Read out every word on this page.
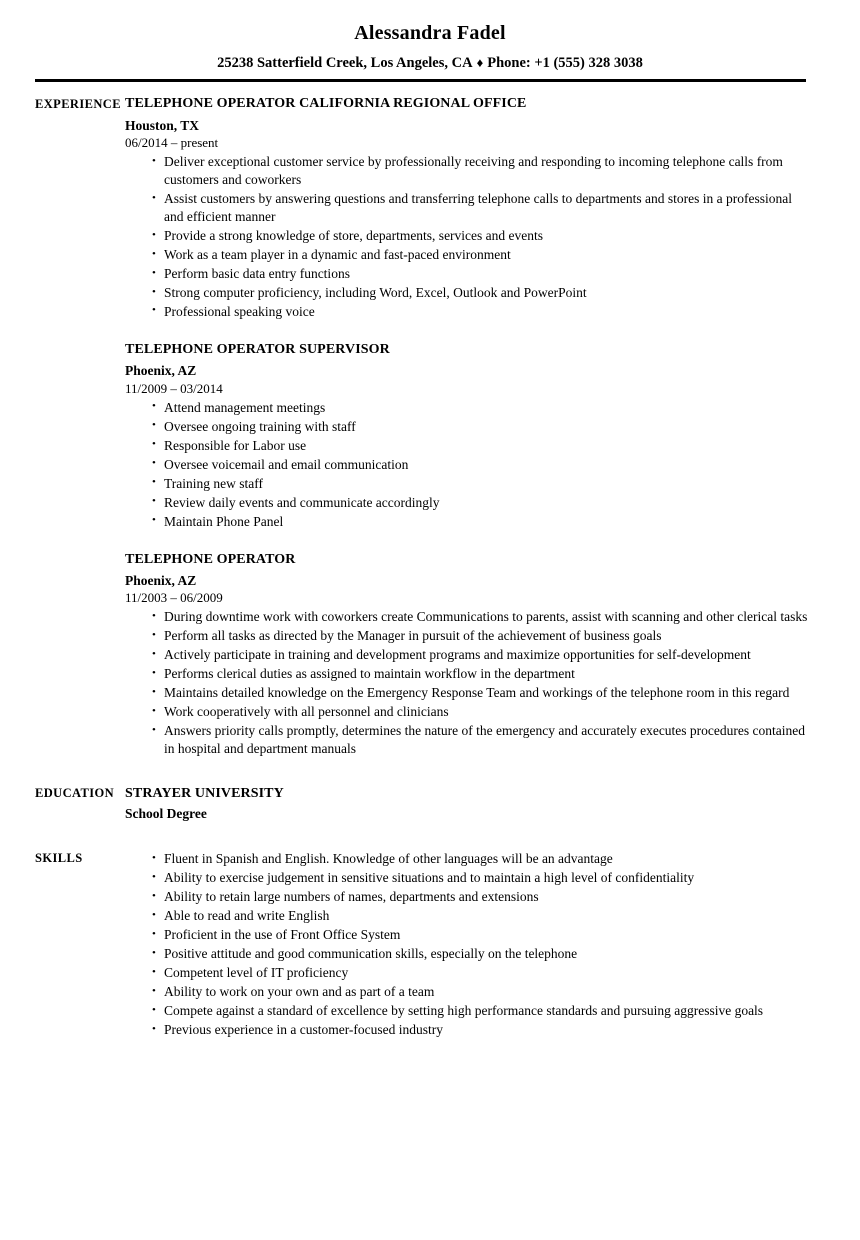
Alessandra Fadel
25238 Satterfield Creek, Los Angeles, CA ♦ Phone: +1 (555) 328 3038
EXPERIENCE TELEPHONE OPERATOR CALIFORNIA REGIONAL OFFICE
Houston, TX
06/2014 – present
• Deliver exceptional customer service by professionally receiving and responding to incoming telephone calls from customers and coworkers
• Assist customers by answering questions and transferring telephone calls to departments and stores in a professional and efficient manner
• Provide a strong knowledge of store, departments, services and events
• Work as a team player in a dynamic and fast-paced environment
• Perform basic data entry functions
• Strong computer proficiency, including Word, Excel, Outlook and PowerPoint
• Professional speaking voice
TELEPHONE OPERATOR SUPERVISOR
Phoenix, AZ
11/2009 – 03/2014
• Attend management meetings
• Oversee ongoing training with staff
• Responsible for Labor use
• Oversee voicemail and email communication
• Training new staff
• Review daily events and communicate accordingly
• Maintain Phone Panel
TELEPHONE OPERATOR
Phoenix, AZ
11/2003 – 06/2009
• During downtime work with coworkers create Communications to parents, assist with scanning and other clerical tasks
• Perform all tasks as directed by the Manager in pursuit of the achievement of business goals
• Actively participate in training and development programs and maximize opportunities for self-development
• Performs clerical duties as assigned to maintain workflow in the department
• Maintains detailed knowledge on the Emergency Response Team and workings of the telephone room in this regard
• Work cooperatively with all personnel and clinicians
• Answers priority calls promptly, determines the nature of the emergency and accurately executes procedures contained in hospital and department manuals
EDUCATION STRAYER UNIVERSITY
School Degree
SKILLS	• Fluent in Spanish and English. Knowledge of other languages will be an advantage
• Ability to exercise judgement in sensitive situations and to maintain a high level of confidentiality
• Ability to retain large numbers of names, departments and extensions
• Able to read and write English
• Proficient in the use of Front Office System
• Positive attitude and good communication skills, especially on the telephone
• Competent level of IT proficiency
• Ability to work on your own and as part of a team
• Compete against a standard of excellence by setting high performance standards and pursuing aggressive goals
• Previous experience in a customer-focused industry
